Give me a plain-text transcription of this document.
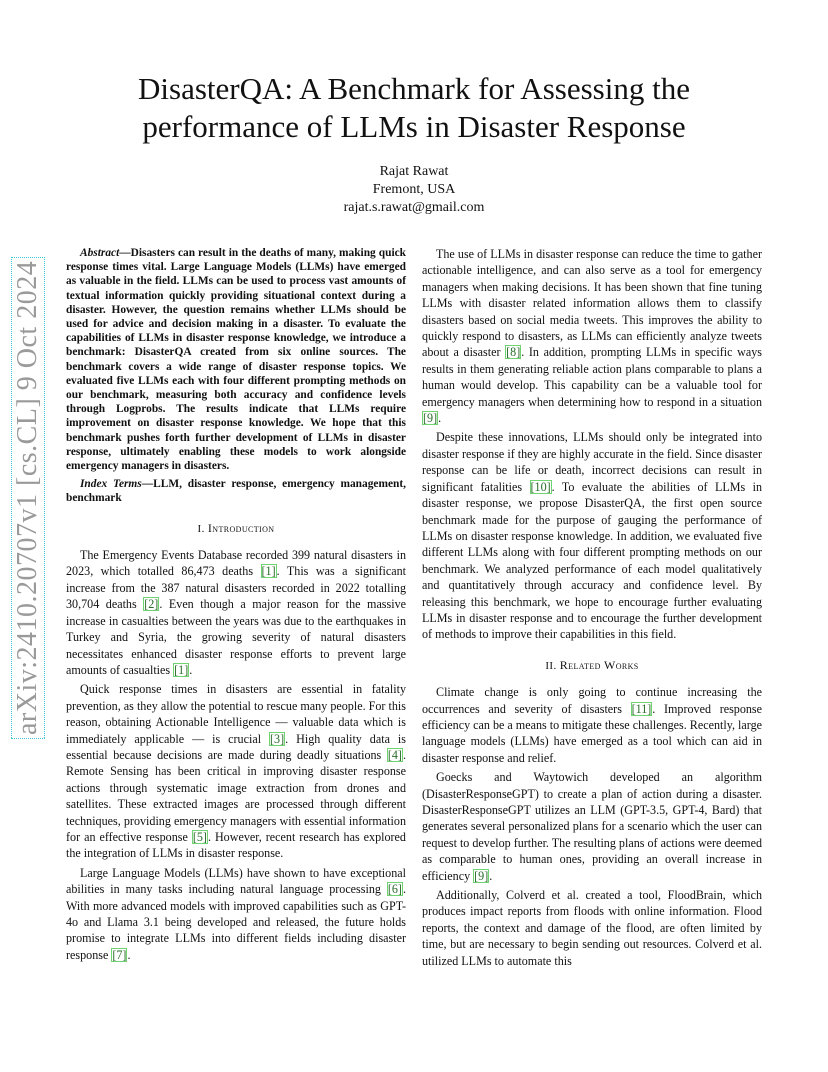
arXiv:2410.20707v1 [cs.CL] 9 Oct 2024
DisasterQA: A Benchmark for Assessing the performance of LLMs in Disaster Response
Rajat Rawat
Fremont, USA
rajat.s.rawat@gmail.com

Abstract—Disasters can result in the deaths of many, making quick response times vital. Large Language Models (LLMs) have emerged as valuable in the field. LLMs can be used to process vast amounts of textual information quickly providing situational context during a disaster. However, the question remains whether LLMs should be used for advice and decision making in a disaster. To evaluate the capabilities of LLMs in disaster response knowledge, we introduce a benchmark: DisasterQA created from six online sources. The benchmark covers a wide range of disaster response topics. We evaluated five LLMs each with four different prompting methods on our benchmark, measuring both accuracy and confidence levels through Logprobs. The results indicate that LLMs require improvement on disaster response knowledge. We hope that this benchmark pushes forth further development of LLMs in disaster response, ultimately enabling these models to work alongside emergency managers in disasters.

Index Terms—LLM, disaster response, emergency management, benchmark

I. Introduction

The Emergency Events Database recorded 399 natural disasters in 2023, which totalled 86,473 deaths [1]. This was a significant increase from the 387 natural disasters recorded in 2022 totalling 30,704 deaths [2]. Even though a major reason for the massive increase in casualties between the years was due to the earthquakes in Turkey and Syria, the growing severity of natural disasters necessitates enhanced disaster response efforts to prevent large amounts of casualties [1].

Quick response times in disasters are essential in fatality prevention, as they allow the potential to rescue many people. For this reason, obtaining Actionable Intelligence — valuable data which is immediately applicable — is crucial [3]. High quality data is essential because decisions are made during deadly situations [4]. Remote Sensing has been critical in improving disaster response actions through systematic image extraction from drones and satellites. These extracted images are processed through different techniques, providing emergency managers with essential information for an effective response [5]. However, recent research has explored the integration of LLMs in disaster response.

Large Language Models (LLMs) have shown to have exceptional abilities in many tasks including natural language processing [6]. With more advanced models with improved capabilities such as GPT-4o and Llama 3.1 being developed and released, the future holds promise to integrate LLMs into different fields including disaster response [7].

The use of LLMs in disaster response can reduce the time to gather actionable intelligence, and can also serve as a tool for emergency managers when making decisions. It has been shown that fine tuning LLMs with disaster related information allows them to classify disasters based on social media tweets. This improves the ability to quickly respond to disasters, as LLMs can efficiently analyze tweets about a disaster [8]. In addition, prompting LLMs in specific ways results in them generating reliable action plans comparable to plans a human would develop. This capability can be a valuable tool for emergency managers when determining how to respond in a situation [9].

Despite these innovations, LLMs should only be integrated into disaster response if they are highly accurate in the field. Since disaster response can be life or death, incorrect decisions can result in significant fatalities [10]. To evaluate the abilities of LLMs in disaster response, we propose DisasterQA, the first open source benchmark made for the purpose of gauging the performance of LLMs on disaster response knowledge. In addition, we evaluated five different LLMs along with four different prompting methods on our benchmark. We analyzed performance of each model qualitatively and quantitatively through accuracy and confidence level. By releasing this benchmark, we hope to encourage further evaluating LLMs in disaster response and to encourage the further development of methods to improve their capabilities in this field.

II. Related Works

Climate change is only going to continue increasing the occurrences and severity of disasters [11]. Improved response efficiency can be a means to mitigate these challenges. Recently, large language models (LLMs) have emerged as a tool which can aid in disaster response and relief.

Goecks and Waytowich developed an algorithm (DisasterResponseGPT) to create a plan of action during a disaster. DisasterResponseGPT utilizes an LLM (GPT-3.5, GPT-4, Bard) that generates several personalized plans for a scenario which the user can request to develop further. The resulting plans of actions were deemed as comparable to human ones, providing an overall increase in efficiency [9].

Additionally, Colverd et al. created a tool, FloodBrain, which produces impact reports from floods with online information. Flood reports, the context and damage of the flood, are often limited by time, but are necessary to begin sending out resources. Colverd et al. utilized LLMs to automate this
